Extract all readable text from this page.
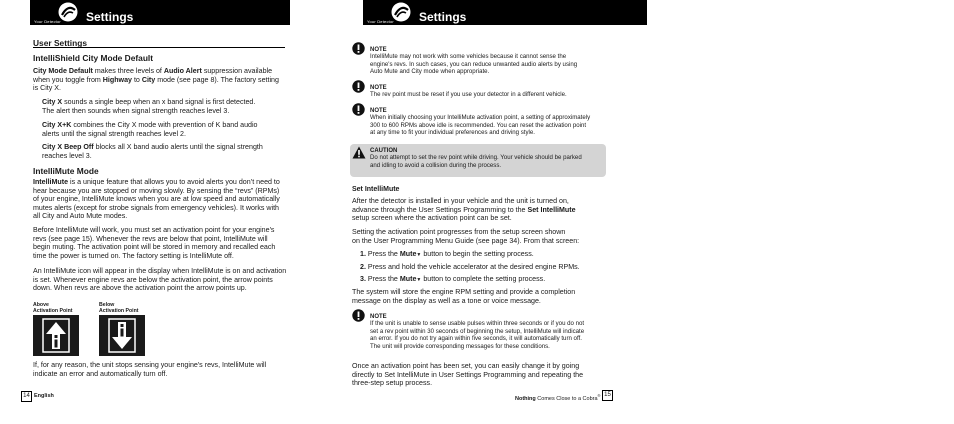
Your Detector Settings
User Settings
IntelliShield City Mode Default

City Mode Default makes three levels of Audio Alert suppression available

when you toggle from Highway to City mode (see page 8). The factory setting

is City X.

City X sounds a single beep when an x band signal is first detected.

The alert then sounds when signal strength reaches level 3.

City X+K combines the City X mode with prevention of K band audio

alerts until the signal strength reaches level 2.

City X Beep Off blocks all X band audio alerts until the signal strength

reaches level 3.

IntelliMute Mode

IntelliMute is a unique feature that allows you to avoid alerts you don’t need to

hear because you are stopped or moving slowly. By sensing the “revs” (RPMs)

of your engine, IntelliMute knows when you are at low speed and automatically

mutes alerts (except for strobe signals from emergency vehicles). It works with

all City and Auto Mute modes.

Before IntelliMute will work, you must set an activation point for your engine's

revs (see page 15). Whenever the revs are below that point, IntelliMute will

begin muting. The activation point will be stored in memory and recalled each

time the power is turned on. The factory setting is IntelliMute off.

An IntelliMute icon will appear in the display when IntelliMute is on and activation

is set. Whenever engine revs are below the activation point, the arrow points

down. When revs are above the activation point the arrow points up.

Above

Activation Point

Below

Activation Point

If, for any reason, the unit stops sensing your engine's revs, IntelliMute will

indicate an error and automatically turn off.

14 English
Your Detector Settings
NOTE

IntelliMute may not work with some vehicles because it cannot sense the

engine's revs. In such cases, you can reduce unwanted audio alerts by using

Auto Mute and City mode when appropriate.

NOTE

The rev point must be reset if you use your detector in a different vehicle.

NOTE

When initially choosing your IntelliMute activation point, a setting of approximately

300 to 600 RPMs above idle is recommended. You can reset the activation point

at any time to fit your individual preferences and driving style.

CAUTION

Do not attempt to set the rev point while driving. Your vehicle should be parked

and idling to avoid a collision during the process.

Set IntelliMute

After the detector is installed in your vehicle and the unit is turned on,

advance through the User Settings Programming to the Set IntelliMute

setup screen where the activation point can be set.

Setting the activation point progresses from the setup screen shown

on the User Programming Menu Guide (see page 34). From that screen:

1. Press the Mute▼ button to begin the setting process.
2. Press and hold the vehicle accelerator at the desired engine RPMs.
3. Press the Mute▼ button to complete the setting process.

The system will store the engine RPM setting and provide a completion

message on the display as well as a tone or voice message.

NOTE

If the unit is unable to sense usable pulses within three seconds or if you do not

set a rev point within 30 seconds of beginning the setup, IntelliMute will indicate

an error. If you do not try again within five seconds, it will automatically turn off.

The unit will provide corresponding messages for these conditions.

Once an activation point has been set, you can easily change it by going

directly to Set IntelliMute in User Settings Programming and repeating the

three-step setup process.

Nothing Comes Close to a Cobra® 15
